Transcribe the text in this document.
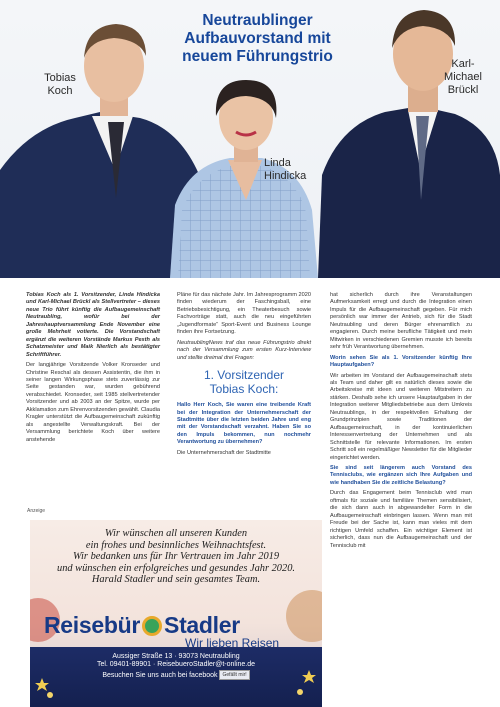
Neutraublinger
Aufbauvorstand mit
neuem Führungstrio
Tobias
Koch
Linda
Hindicka
Karl-
Michael
Brückl

Tobias Koch als 1. Vorsitzender, Linda Hindicka und Karl-Michael Brückl als Stellvertreter – dieses neue Trio führt künftig die Aufbaugemeinschaft Neutraubling, wofür bei der Jahreshauptversammlung Ende November eine große Mehrheit votierte. Die Vorstandschaft ergänzt die weiteren Vorstände Markus Pesth als Schatzmeister und Maik Nierlich als bestätigter Schriftführer.

Der langjährige Vorsitzende Volker Kronseder und Christine Reschal als dessen Assistentin, die ihm in seiner langen Wirkungsphase stets zuverlässig zur Seite gestanden war, wurden gebührend verabschiedet. Kronseder, seit 1985 stellvertretender Vorsitzender und ab 2003 an der Spitze, wurde per Akklamation zum Ehrenvorsitzenden gewählt. Claudia Kragler unterstützt die Aufbaugemeinschaft zukünftig als angestellte Verwaltungskraft. Bei der Versammlung berichtete Koch über weitere anstehende

Pläne für das nächste Jahr. Im Jahresprogramm 2020 finden wiederum der Faschingsball, eine Betriebsbesichtigung, ein Theaterbesuch sowie Fachvorträge statt, auch die neu eingeführten „Jugendformate“ Sport-Event und Business Lounge finden ihre Fortsetzung.

NeutraublingNews traf das neue Führungstrio direkt nach der Versammlung zum ersten Kurz-Interview und stellte dreimal drei Fragen:

1. Vorsitzender
Tobias Koch:

Hallo Herr Koch, Sie waren eine treibende Kraft bei der Integration der Unternehmerschaft der Stadtmitte über die letzten beiden Jahre und eng mit der Vorstandschaft verzahnt. Haben Sie so den Impuls bekommen, nun nochmehr Verantwortung zu übernehmen?

Die Unternehmerschaft der Stadtmitte

hat sicherlich durch ihre Veranstaltungen Aufmerksamkeit erregt und durch die Integration einen Impuls für die Aufbaugemeinschaft gegeben. Für mich persönlich war immer der Antrieb, sich für die Stadt Neutraubling und deren Bürger ehrenamtlich zu engagieren. Durch meine berufliche Tätigkeit und mein Mitwirken in verschiedenen Gremien musste ich bereits sehr früh Verantwortung übernehmen.

Worin sehen Sie als 1. Vorsitzender künftig Ihre Hauptaufgaben?

Wir arbeiten im Vorstand der Aufbaugemeinschaft stets als Team und daher gilt es natürlich dieses sowie die Arbeitskreise mit ideen und weiteren Mitstreitern zu stärken. Deshalb sehe ich unsere Hauptaufgaben in der Integration weiterer Mitgliedsbetriebe aus dem Umkreis Neutraublings, in der respektvollen Erhaltung der Grundprinzipien sowie Traditionen der Aufbaugemeinschaft, in der kontinuierlichen Interessenvertretung der Unternehmen und als Schnittstelle für relevante Informationen. Im ersten Schritt soll ein regelmäßiger Newsletter für die Mitglieder eingerichtet werden.

Sie sind seit längerem auch Vorstand des Tennisclubs, wie ergänzen sich Ihre Aufgaben und wie handhaben Sie die zeitliche Belastung?

Durch das Engagement beim Tennisclub wird man oftmals für soziale und familiäre Themen sensibilisiert, die sich dann auch in abgewandelter Form in die Aufbaugemeinschaft einbringen lassen. Wenn man mit Freude bei der Sache ist, kann man vieles mit dem richtigen Umfeld schaffen. Ein wichtiger Element ist sicherlich, dass nun die Aufbaugemeinschaft und der Tennisclub mit

Anzeige
Wir wünschen all unseren Kunden
ein frohes und besinnliches Weihnachtsfest.
Wir bedanken uns für Ihr Vertrauen im Jahr 2019
und wünschen ein erfolgreiches und gesundes Jahr 2020.
Harald Stadler und sein gesamtes Team.
Reisebür Stadler
Wir lieben Reisen
Aussiger Straße 13 · 93073 Neutraubling
Tel. 09401-89901 · ReisebueroStadler@t-online.de
Besuchen Sie uns auch bei facebook Gefällt mir!
